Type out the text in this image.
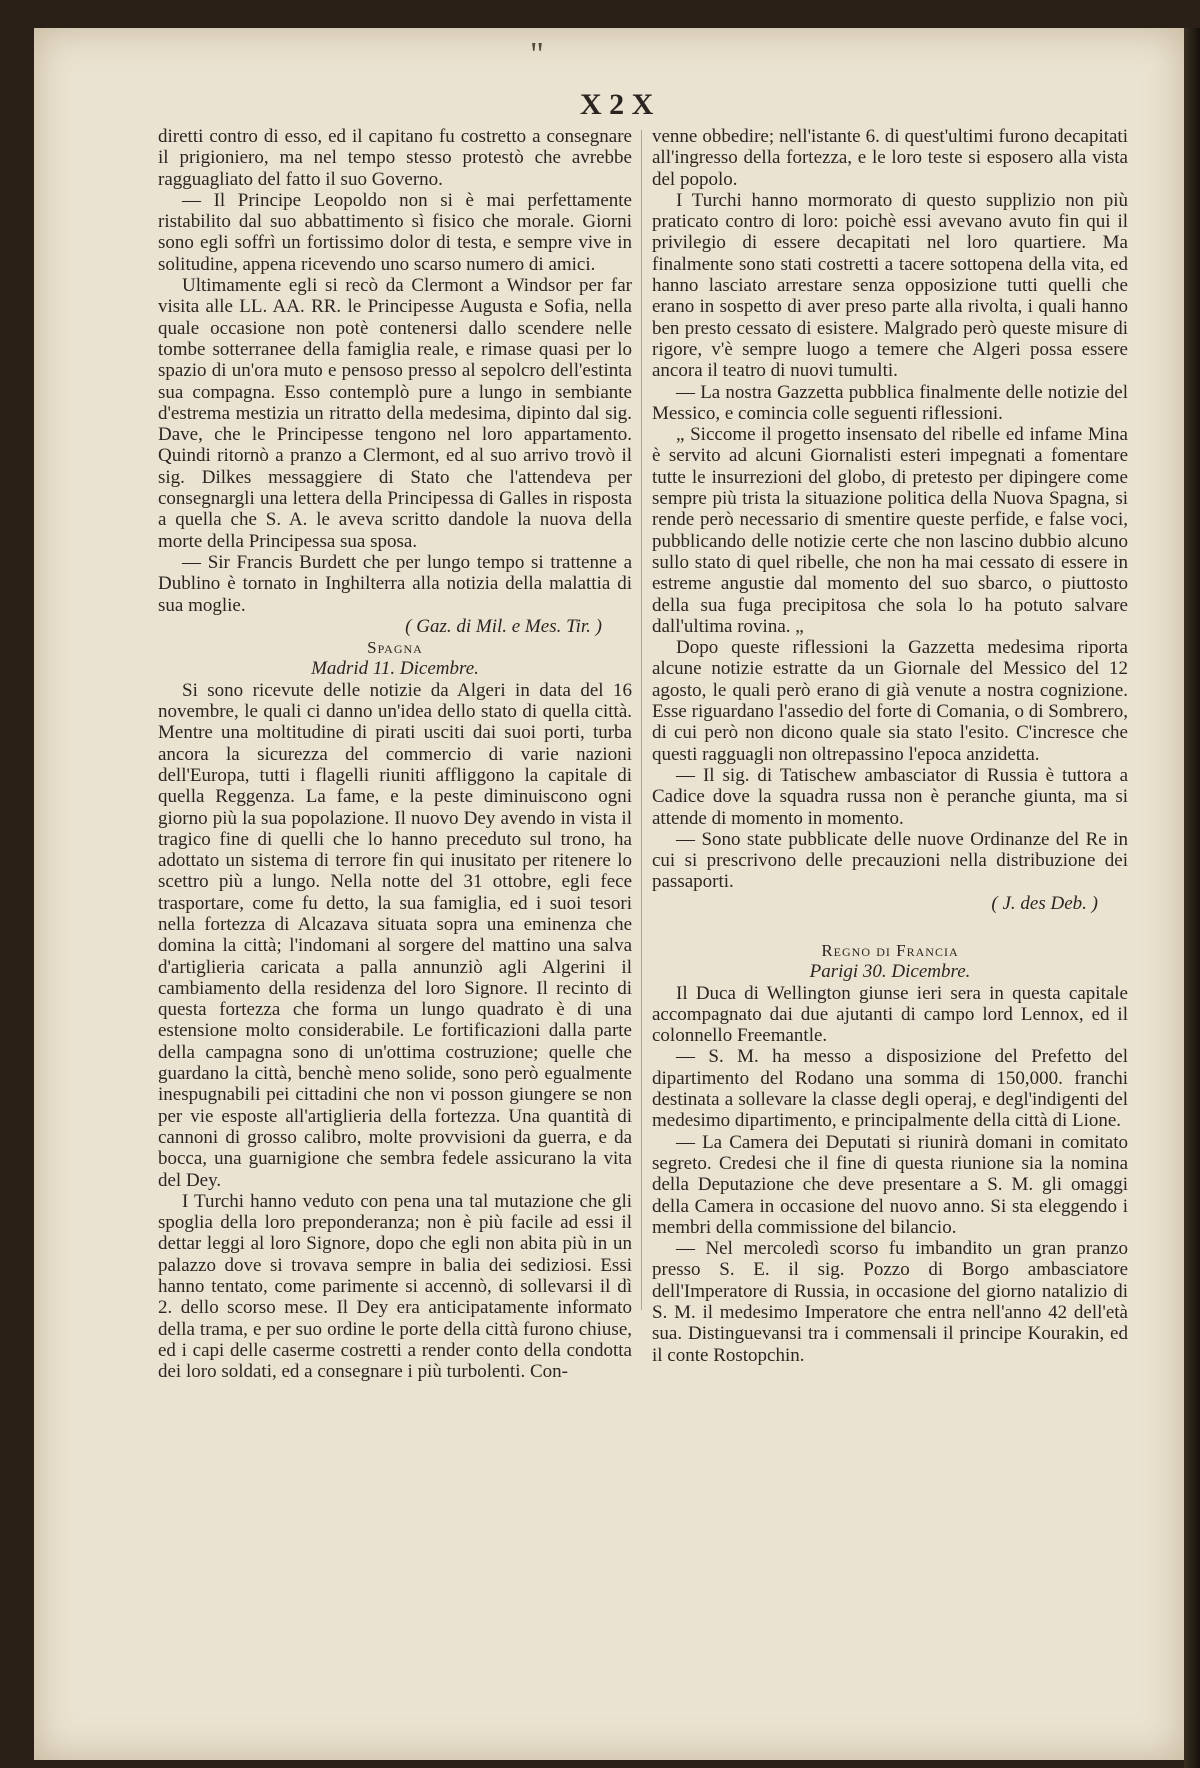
"
X 2 X

diretti contro di esso, ed il capitano fu costretto a consegnare il prigioniero, ma nel tempo stesso protestò che avrebbe ragguagliato del fatto il suo Governo.

— Il Principe Leopoldo non si è mai perfettamente ristabilito dal suo abbattimento sì fisico che morale. Giorni sono egli soffrì un fortissimo dolor di testa, e sempre vive in solitudine, appena ricevendo uno scarso numero di amici.

Ultimamente egli si recò da Clermont a Windsor per far visita alle LL. AA. RR. le Principesse Augusta e Sofia, nella quale occasione non potè contenersi dallo scendere nelle tombe sotterranee della famiglia reale, e rimase quasi per lo spazio di un'ora muto e pensoso presso al sepolcro dell'estinta sua compagna. Esso contemplò pure a lungo in sembiante d'estrema mestizia un ritratto della medesima, dipinto dal sig. Dave, che le Principesse tengono nel loro appartamento. Quindi ritornò a pranzo a Clermont, ed al suo arrivo trovò il sig. Dilkes messaggiere di Stato che l'attendeva per consegnargli una lettera della Principessa di Galles in risposta a quella che S. A. le aveva scritto dandole la nuova della morte della Principessa sua sposa.

— Sir Francis Burdett che per lungo tempo si trattenne a Dublino è tornato in Inghilterra alla notizia della malattia di sua moglie.

( Gaz. di Mil. e Mes. Tir. )

Spagna
Madrid 11. Dicembre.

Si sono ricevute delle notizie da Algeri in data del 16 novembre, le quali ci danno un'idea dello stato di quella città. Mentre una moltitudine di pirati usciti dai suoi porti, turba ancora la sicurezza del commercio di varie nazioni dell'Europa, tutti i flagelli riuniti affliggono la capitale di quella Reggenza. La fame, e la peste diminuiscono ogni giorno più la sua popolazione. Il nuovo Dey avendo in vista il tragico fine di quelli che lo hanno preceduto sul trono, ha adottato un sistema di terrore fin qui inusitato per ritenere lo scettro più a lungo. Nella notte del 31 ottobre, egli fece trasportare, come fu detto, la sua famiglia, ed i suoi tesori nella fortezza di Alcazava situata sopra una eminenza che domina la città; l'indomani al sorgere del mattino una salva d'artiglieria caricata a palla annunziò agli Algerini il cambiamento della residenza del loro Signore. Il recinto di questa fortezza che forma un lungo quadrato è di una estensione molto considerabile. Le fortificazioni dalla parte della campagna sono di un'ottima costruzione; quelle che guardano la città, benchè meno solide, sono però egualmente inespugnabili pei cittadini che non vi posson giungere se non per vie esposte all'artiglieria della fortezza. Una quantità di cannoni di grosso calibro, molte provvisioni da guerra, e da bocca, una guarnigione che sembra fedele assicurano la vita del Dey.

I Turchi hanno veduto con pena una tal mutazione che gli spoglia della loro preponderanza; non è più facile ad essi il dettar leggi al loro Signore, dopo che egli non abita più in un palazzo dove si trovava sempre in balia dei sediziosi. Essi hanno tentato, come parimente si accennò, di sollevarsi il dì 2. dello scorso mese. Il Dey era anticipatamente informato della trama, e per suo ordine le porte della città furono chiuse, ed i capi delle caserme costretti a render conto della condotta dei loro soldati, ed a consegnare i più turbolenti. Con-

venne obbedire; nell'istante 6. di quest'ultimi furono decapitati all'ingresso della fortezza, e le loro teste si esposero alla vista del popolo.

I Turchi hanno mormorato di questo supplizio non più praticato contro di loro: poichè essi avevano avuto fin qui il privilegio di essere decapitati nel loro quartiere. Ma finalmente sono stati costretti a tacere sottopena della vita, ed hanno lasciato arrestare senza opposizione tutti quelli che erano in sospetto di aver preso parte alla rivolta, i quali hanno ben presto cessato di esistere. Malgrado però queste misure di rigore, v'è sempre luogo a temere che Algeri possa essere ancora il teatro di nuovi tumulti.

— La nostra Gazzetta pubblica finalmente delle notizie del Messico, e comincia colle seguenti riflessioni.

„ Siccome il progetto insensato del ribelle ed infame Mina è servito ad alcuni Giornalisti esteri impegnati a fomentare tutte le insurrezioni del globo, di pretesto per dipingere come sempre più trista la situazione politica della Nuova Spagna, si rende però necessario di smentire queste perfide, e false voci, pubblicando delle notizie certe che non lascino dubbio alcuno sullo stato di quel ribelle, che non ha mai cessato di essere in estreme angustie dal momento del suo sbarco, o piuttosto della sua fuga precipitosa che sola lo ha potuto salvare dall'ultima rovina. „

Dopo queste riflessioni la Gazzetta medesima riporta alcune notizie estratte da un Giornale del Messico del 12 agosto, le quali però erano di già venute a nostra cognizione. Esse riguardano l'assedio del forte di Comania, o di Sombrero, di cui però non dicono quale sia stato l'esito. C'incresce che questi ragguagli non oltrepassino l'epoca anzidetta.

— Il sig. di Tatischew ambasciator di Russia è tuttora a Cadice dove la squadra russa non è peranche giunta, ma si attende di momento in momento.

— Sono state pubblicate delle nuove Ordinanze del Re in cui si prescrivono delle precauzioni nella distribuzione dei passaporti.

( J. des Deb. )

Regno di Francia
Parigi 30. Dicembre.

Il Duca di Wellington giunse ieri sera in questa capitale accompagnato dai due ajutanti di campo lord Lennox, ed il colonnello Freemantle.

— S. M. ha messo a disposizione del Prefetto del dipartimento del Rodano una somma di 150,000. franchi destinata a sollevare la classe degli operaj, e degl'indigenti del medesimo dipartimento, e principalmente della città di Lione.

— La Camera dei Deputati si riunirà domani in comitato segreto. Credesi che il fine di questa riunione sia la nomina della Deputazione che deve presentare a S. M. gli omaggi della Camera in occasione del nuovo anno. Si sta eleggendo i membri della commissione del bilancio.

— Nel mercoledì scorso fu imbandito un gran pranzo presso S. E. il sig. Pozzo di Borgo ambasciatore dell'Imperatore di Russia, in occasione del giorno natalizio di S. M. il medesimo Imperatore che entra nell'anno 42 dell'età sua. Distinguevansi tra i commensali il principe Kourakin, ed il conte Rostopchin.
